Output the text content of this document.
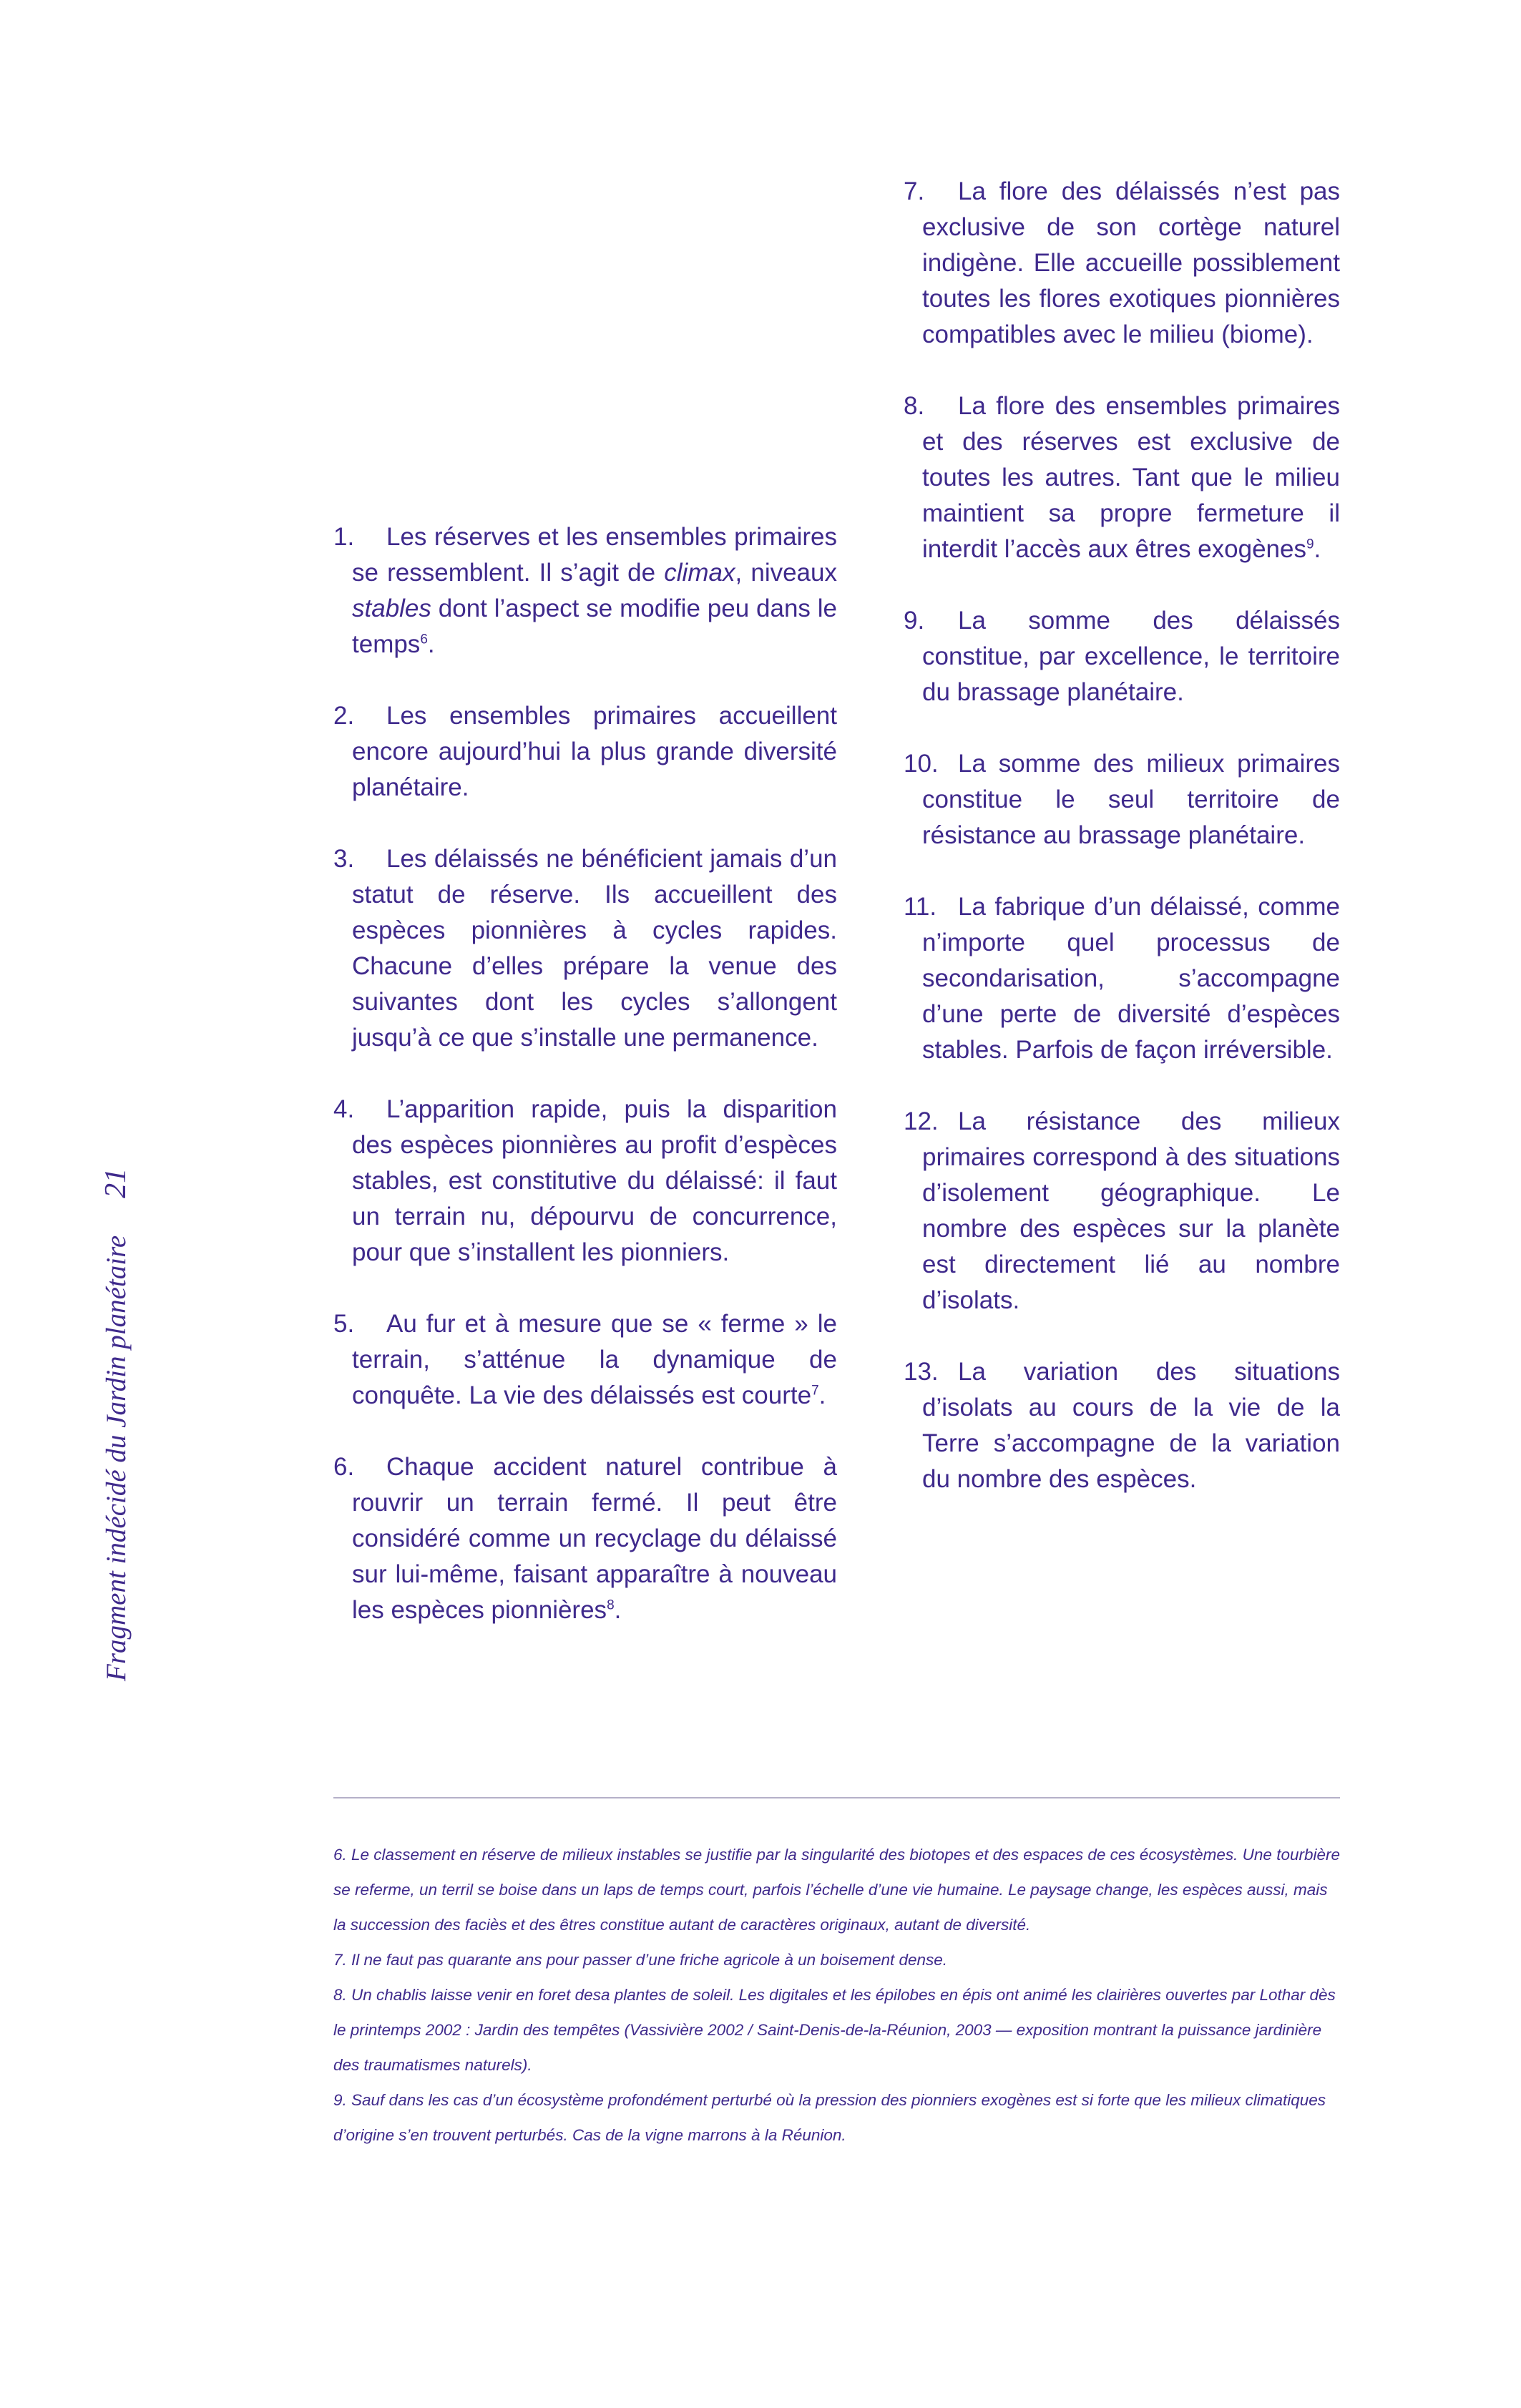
Fragment indécidé du Jardin planétaire21

1. Les réserves et les ensembles primaires se ressemblent. Il s’agit de climax, niveaux stables dont l’aspect se modifie peu dans le temps$^6$.

2. Les ensembles primaires accueillent encore aujourd’hui la plus grande diversité planétaire.

3. Les délaissés ne bénéficient jamais d’un statut de réserve. Ils accueillent des espèces pionnières à cycles rapides. Chacune d’elles prépare la venue des suivantes dont les cycles s’allongent jusqu’à ce que s’installe une permanence.

4. L’apparition rapide, puis la disparition des espèces pionnières au profit d’espèces stables, est constitutive du délaissé: il faut un terrain nu, dépourvu de concurrence, pour que s’installent les pionniers.

5. Au fur et à mesure que se « ferme » le terrain, s’atténue la dynamique de conquête. La vie des délaissés est courte$^7$.

6. Chaque accident naturel contribue à rouvrir un terrain fermé. Il peut être considéré comme un recyclage du délaissé sur lui-même, faisant apparaître à nouveau les espèces pionnières$^8$.

7. La flore des délaissés n’est pas exclusive de son cortège naturel indigène. Elle accueille possiblement toutes les flores exotiques pionnières compatibles avec le milieu (biome).

8. La flore des ensembles primaires et des réserves est exclusive de toutes les autres. Tant que le milieu maintient sa propre fermeture il interdit l’accès aux êtres exogènes$^9$.

9. La somme des délaissés constitue, par excellence, le territoire du brassage planétaire.

10. La somme des milieux primaires constitue le seul territoire de résistance au brassage planétaire.

11. La fabrique d’un délaissé, comme n’importe quel processus de secondarisation, s’accompagne d’une perte de diversité d’espèces stables. Parfois de façon irréversible.

12. La résistance des milieux primaires correspond à des situations d’isolement géographique. Le nombre des espèces sur la planète est directement lié au nombre d’isolats.

13. La variation des situations d’isolats au cours de la vie de la Terre s’accompagne de la variation du nombre des espèces.

6. Le classement en réserve de milieux instables se justifie par la singularité des biotopes et des espaces de ces écosystèmes. Une tourbière se referme, un terril se boise dans un laps de temps court, parfois l’échelle d’une vie humaine. Le paysage change, les espèces aussi, mais la succession des faciès et des êtres constitue autant de caractères originaux, autant de diversité.

7. Il ne faut pas quarante ans pour passer d’une friche agricole à un boisement dense.

8. Un chablis laisse venir en foret desa plantes de soleil. Les digitales et les épilobes en épis ont animé les clairières ouvertes par Lothar dès le printemps 2002 : Jardin des tempêtes (Vassivière 2002 / Saint-Denis-de-la-Réunion, 2003 — exposition montrant la puissance jardinière des traumatismes naturels).

9. Sauf dans les cas d’un écosystème profondément perturbé où la pression des pionniers exogènes est si forte que les milieux climatiques d’origine s’en trouvent perturbés. Cas de la vigne marrons à la Réunion.
